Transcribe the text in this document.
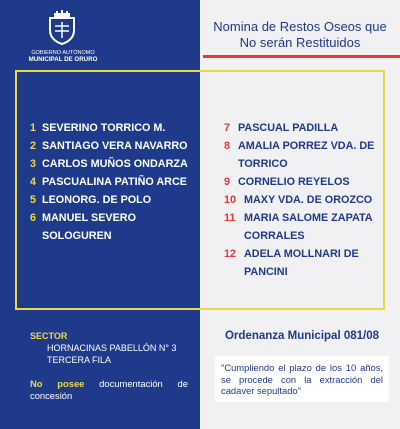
GOBIERNO AUTÓNOMO
MUNICIPAL DE ORURO
Nomina de Restos Oseos que
No serán Restituidos
1 SEVERINO TORRICO M.
2 SANTIAGO VERA NAVARRO
3 CARLOS MUÑOS ONDARZA
4 PASCUALINA PATIÑO ARCE
5 LEONORG. DE POLO
6 MANUEL SEVERO SOLOGUREN
7 PASCUAL PADILLA
8 AMALIA PORREZ VDA. DE TORRICO
9 CORNELIO REYELOS
10 MAXY VDA. DE OROZCO
11 MARIA SALOME ZAPATA CORRALES
12 ADELA MOLLNARI DE PANCINI
SECTOR
HORNACINAS PABELLÓN N° 3
TERCERA FILA
No posee documentación de concesión
Ordenanza Municipal 081/08
"Cumpliendo el plazo de los 10 años, se procede con la extracción del cadaver sepultado"
